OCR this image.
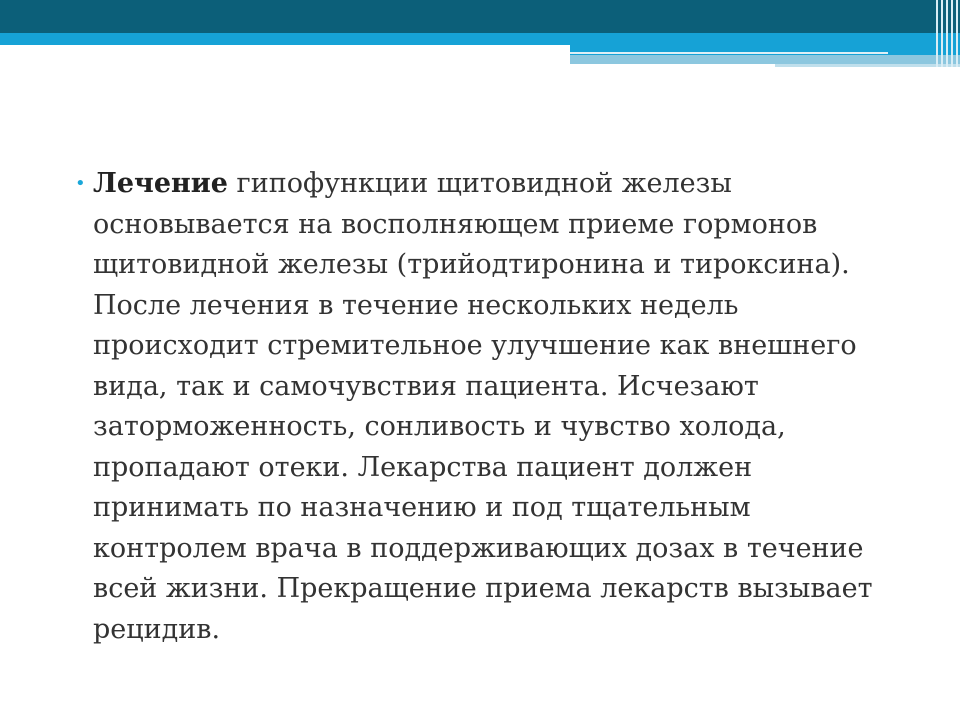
• Лечение гипофункции щитовидной железы основывается на восполняющем приеме гормонов щитовидной железы (трийодтиронина и тироксина).
После лечения в течение нескольких недель происходит стремительное улучшение как внешнего вида, так и самочувствия пациента. Исчезают заторможенность, сонливость и чувство холода, пропадают отеки. Лекарства пациент должен принимать по назначению и под тщательным контролем врача в поддерживающих дозах в течение всей жизни. Прекращение приема лекарств вызывает рецидив.
